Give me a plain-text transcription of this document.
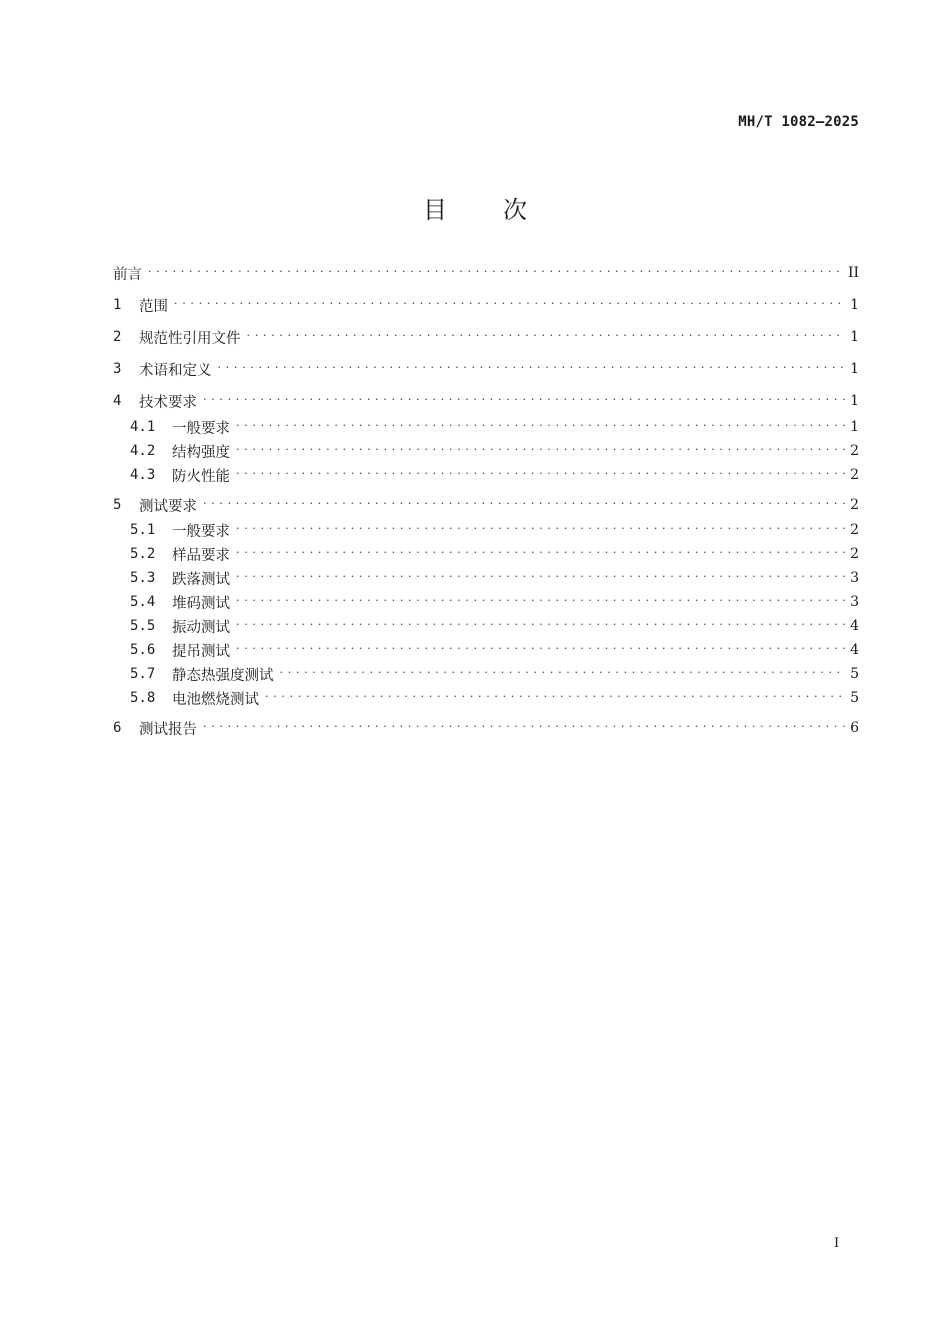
MH/T 1082—2025
目 次
前言 . . .	II
1	范围 . . .	1
2	规范性引用文件 . . .	1
3	术语和定义 . . .	1
4	技术要求 . . .	1
4.1	一般要求 . . .	1
4.2	结构强度 . . .	2
4.3	防火性能 . . .	2
5	测试要求 . . .	2
5.1	一般要求 . . .	2
5.2	样品要求 . . .	2
5.3	跌落测试 . . .	3
5.4	堆码测试 . . .	3
5.5	振动测试 . . .	4
5.6	提吊测试 . . .	4
5.7	静态热强度测试 . . .	5
5.8	电池燃烧测试 . . .	5
6	测试报告 . . .	6
I
